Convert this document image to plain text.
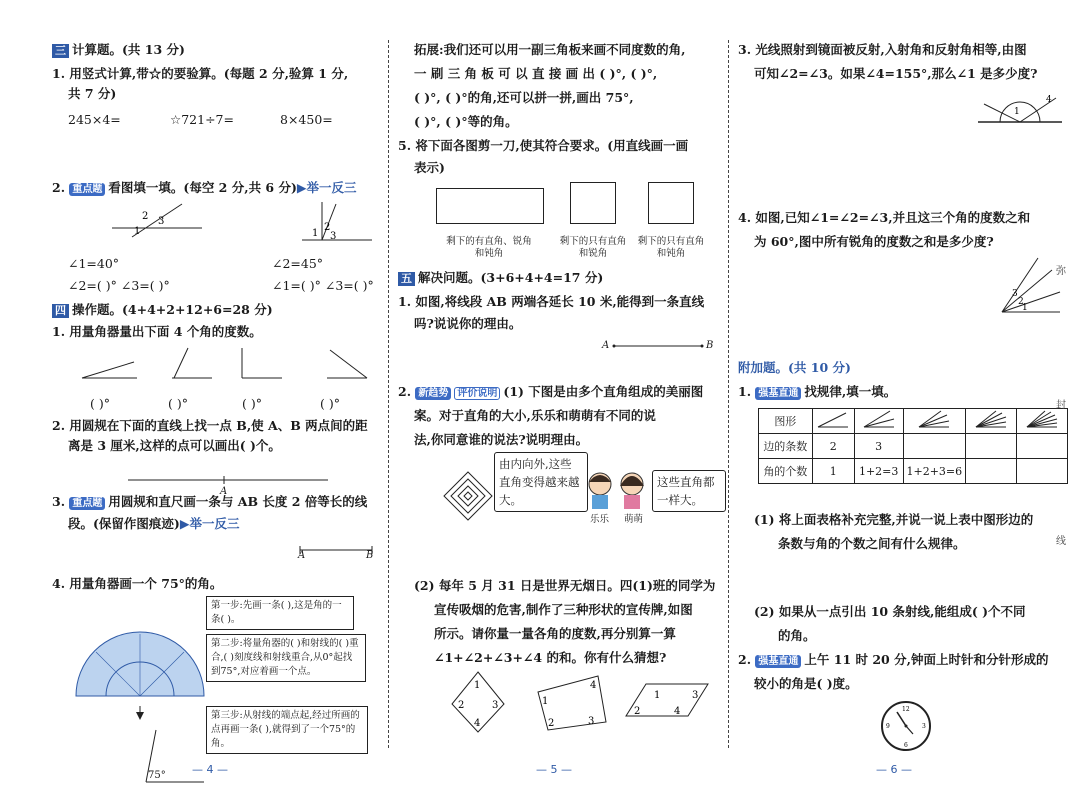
三 计算题。(共 13 分)
1. 用竖式计算,带☆的要验算。(每题 2 分,验算 1 分,
共 7 分)
245×4=	☆721÷7=	8×450=
2. 重点题 看图填一填。(每空 2 分,共 6 分)▶举一反三
2 3
1	1
2
3
∠1=40°	∠2=45°
∠2=( )° ∠3=( )°	∠1=( )° ∠3=( )°
四 操作题。(4+4+2+12+6=28 分)
1. 用量角器量出下面 4 个角的度数。
( )°	( )°	( )°	( )°
2. 用圆规在下面的直线上找一点 B,使 A、B 两点间的距
离是 3 厘米,这样的点可以画出( )个。
A
3. 重点题 用圆规和直尺画一条与 AB 长度 2 倍等长的线
段。(保留作图痕迹)▶举一反三
A	B
4. 用量角器画一个 75°的角。
75°
第一步:先画一条( ),这是角的一条( )。
第二步:将量角器的( )和射线的( )重合,( )刻度线和射线重合,从0°起找到75°,对应着画一个点。
第三步:从射线的端点起,经过所画的点再画一条( ),就得到了一个75°的角。
— 4 —
拓展:我们还可以用一副三角板来画不同度数的角,
一 刷 三 角 板 可 以 直 接 画 出 ( )°, ( )°,
( )°, ( )°的角,还可以拼一拼,画出 75°,
( )°, ( )°等的角。
5. 将下面各图剪一刀,使其符合要求。(用直线画一画
表示)
剩下的有直角、锐角和钝角
剩下的只有直角和锐角
剩下的只有直角和钝角
五 解决问题。(3+6+4+4=17 分)
1. 如图,将线段 AB 两端各延长 10 米,能得到一条直线
吗?说说你的理由。
A	B
2. 新趋势 评价说明 (1) 下图是由多个直角组成的美丽图
案。对于直角的大小,乐乐和萌萌有不同的说
法,你同意谁的说法?说明理由。
由内向外,这些直角变得越来越大。
乐乐 萌萌
这些直角都一样大。
(2) 每年 5 月 31 日是世界无烟日。四(1)班的同学为
宣传吸烟的危害,制作了三种形状的宣传牌,如图
所示。请你量一量各角的度数,再分别算一算
∠1+∠2+∠3+∠4 的和。你有什么猜想?
1
2	3
4
1
2	3
4
1
2
3
4
— 5 —
3. 光线照射到镜面被反射,入射角和反射角相等,由图
可知∠2=∠3。如果∠4=155°,那么∠1 是多少度?
1
4
4. 如图,已知∠1=∠2=∠3,并且这三个角的度数之和
为 60°,图中所有锐角的度数之和是多少度?
3
2
1
附加题。(共 10 分)
1. 强基直通 找规律,填一填。
图形					
边的条数	2	3			
角的个数	1	1+2=3	1+2+3=6		
(1) 将上面表格补充完整,并说一说上表中图形边的
条数与角的个数之间有什么规律。
(2) 如果从一点引出 10 条射线,能组成( )个不同
的角。
2. 强基直通 上午 11 时 20 分,钟面上时针和分针形成的
较小的角是( )度。
12
3
6
9
— 6 —
弥
封
线
